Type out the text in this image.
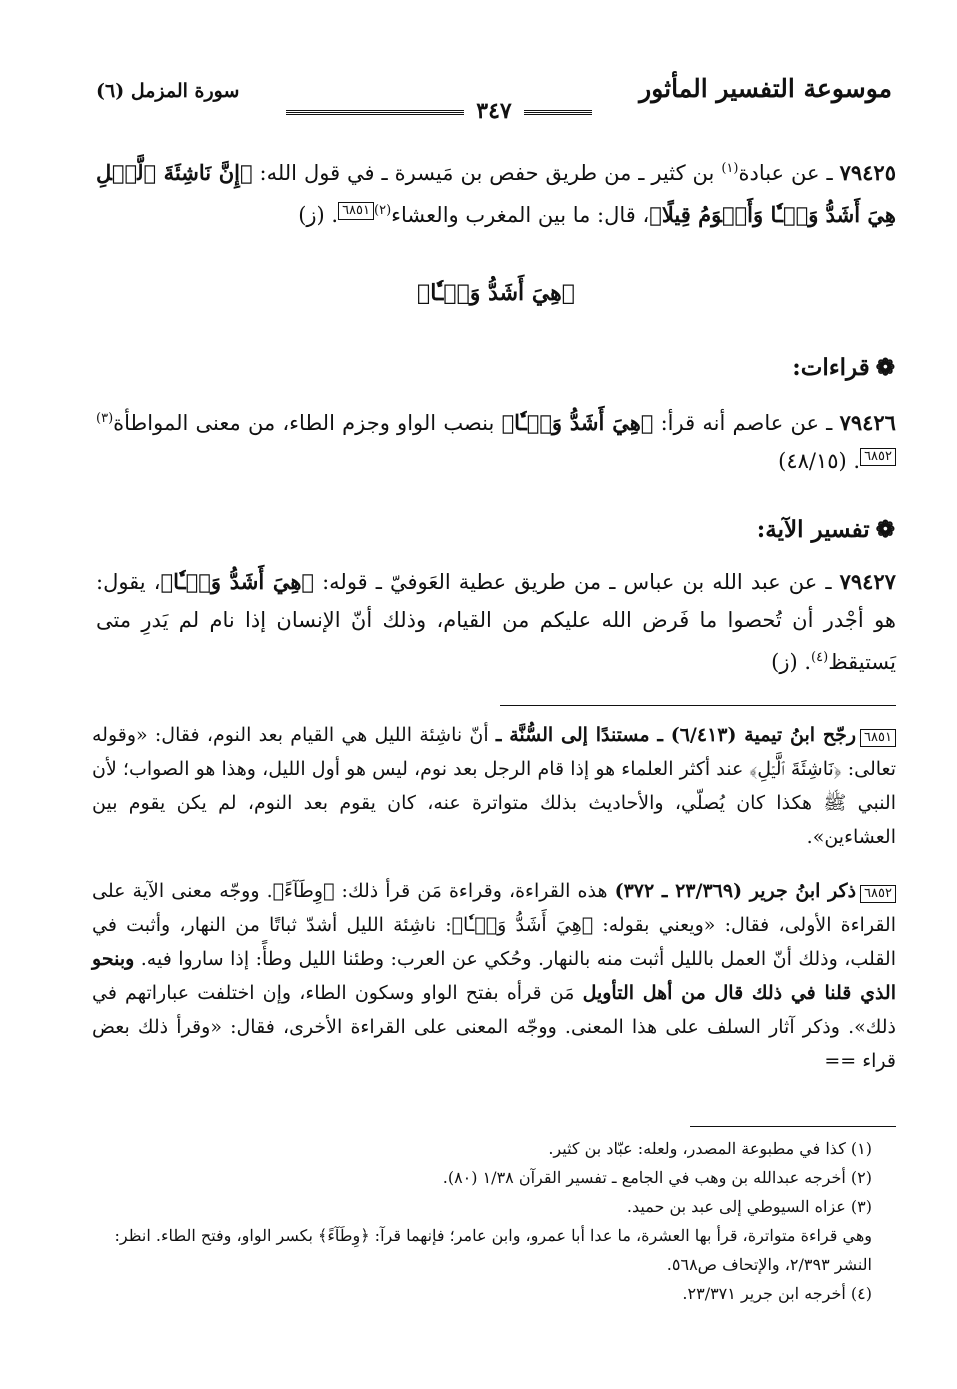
موسوعة التفسير المأثور
٣٤٧
سورة المزمل (٦)
٧٩٤٢٥ ـ عن عبادة$^{(١)}$ بن كثير ـ من طريق حفص بن مَيسرة ـ في قول الله: ﴿إِنَّ نَاشِئَةَ ٱلَّيۡلِ هِيَ أَشَدُّ وَطۡـٔٗا وَأَقۡوَمُ قِيلًا﴾، قال: ما بين المغرب والعشاء$^{(٢)}$٦٨٥١. (ز)
﴿هِيَ أَشَدُّ وَطۡـٔٗا﴾
❁قراءات:
٧٩٤٢٦ ـ عن عاصم أنه قرأ: ﴿هِيَ أَشَدُّ وَطۡـٔٗا﴾ بنصب الواو وجزم الطاء، من معنى المواطأة$^{(٣)}$٦٨٥٢. (٤٨/١٥)
❁تفسير الآية:
٧٩٤٢٧ ـ عن عبد الله بن عباس ـ من طريق عطية العَوفيّ ـ قوله: ﴿هِيَ أَشَدُّ وَطۡـٔٗا﴾، يقول: هو أجْدر أن تُحصوا ما فَرض الله عليكم من القيام، وذلك أنّ الإنسان إذا نام لم يَدرِ متى يَستيقظ$^{(٤)}$. (ز)
٦٨٥١رجّح ابنُ تيمية (٦/٤١٣) ـ مستندًا إلى السُّنَّة ـ أنّ ناشِئة الليل هي القيام بعد النوم، فقال: «وقوله تعالى: ﴿نَاشِئَةَ ٱلَّيۡلِ﴾ عند أكثر العلماء هو إذا قام الرجل بعد نوم، ليس هو أول الليل، وهذا هو الصواب؛ لأن النبي ﷺ هكذا كان يُصلّي، والأحاديث بذلك متواترة عنه، كان يقوم بعد النوم، لم يكن يقوم بين العشاءين».
٦٨٥٢ذكر ابنُ جرير (٢٣/٣٦٩ ـ ٣٧٢) هذه القراءة، وقراءة مَن قرأ ذلك: ﴿وِطَآءً﴾. ووجّه معنى الآية على القراءة الأولى، فقال: «ويعني بقوله: ﴿هِيَ أَشَدُّ وَطۡـٔٗا﴾: ناشِئة الليل أشدّ ثباتًا من النهار، وأثبت في القلب، وذلك أنّ العمل بالليل أثبت منه بالنهار. وحُكي عن العرب: وطئنا الليل وطأً: إذا ساروا فيه. وبنحو الذي قلنا في ذلك قال من أهل التأويل مَن قرأه بفتح الواو وسكون الطاء، وإن اختلفت عباراتهم في ذلك». وذكر آثار السلف على هذا المعنى. ووجّه المعنى على القراءة الأخرى، فقال: «وقرأ ذلك بعض قراء ==
(١) كذا في مطبوعة المصدر، ولعله: عبّاد بن كثير.
(٢) أخرجه عبدالله بن وهب في الجامع ـ تفسير القرآن ١/٣٨ (٨٠).
(٣) عزاه السيوطي إلى عبد بن حميد.
وهي قراءة متواترة، قرأ بها العشرة، ما عدا أبا عمرو، وابن عامر؛ فإنهما قرآ: ﴿وِطَآءً﴾ بكسر الواو، وفتح الطاء. انظر: النشر ٢/٣٩٣، والإتحاف ص٥٦٨.
(٤) أخرجه ابن جرير ٢٣/٣٧١.
